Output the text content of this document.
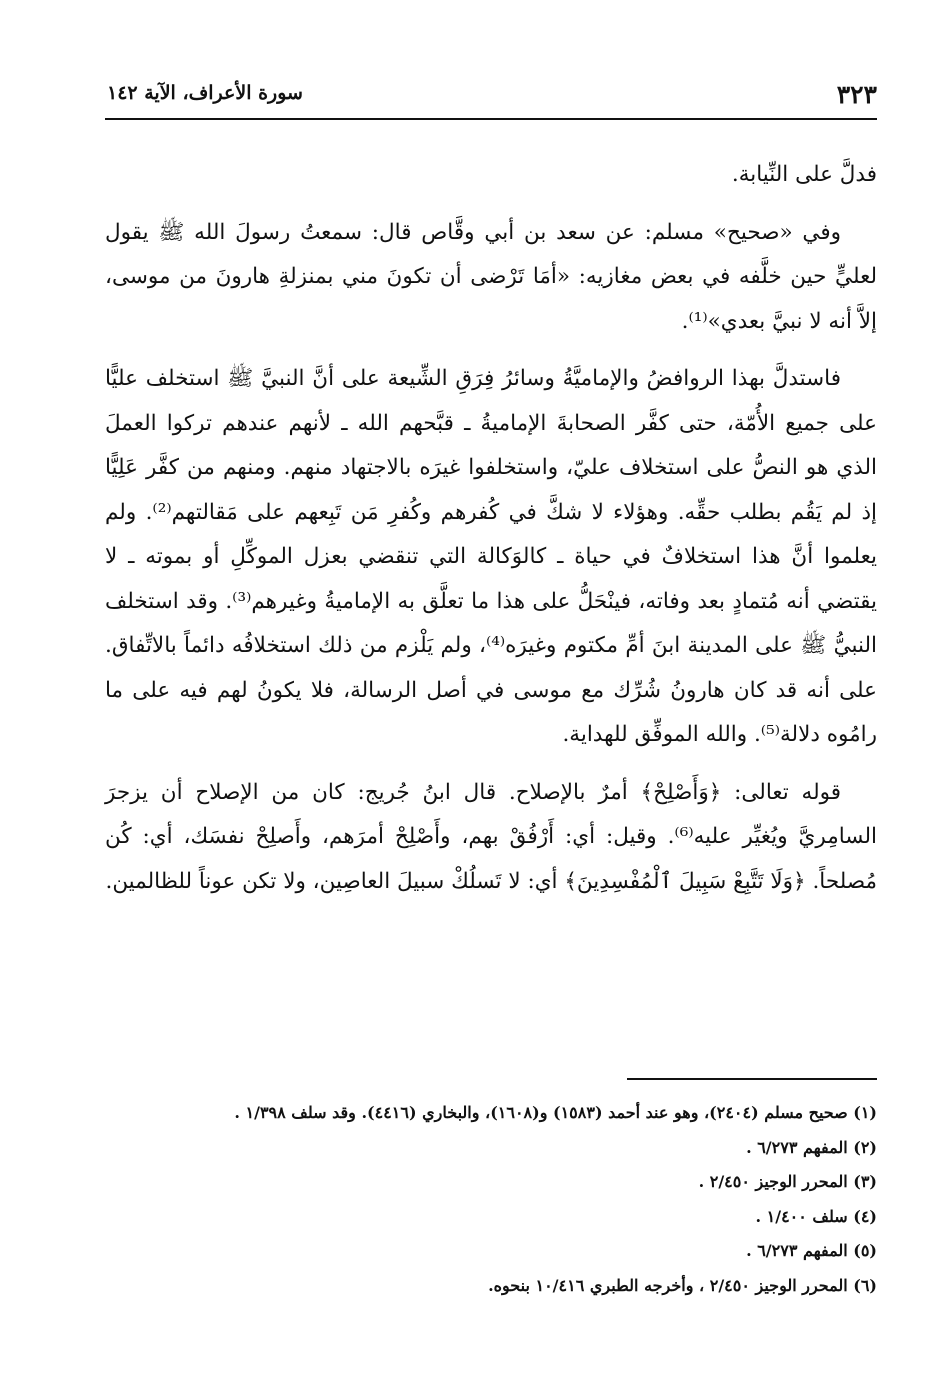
٣٢٣
سورة الأعراف، الآية ١٤٢

فدلَّ على النِّيابة.

وفي «صحيح» مسلم: عن سعد بن أبي وقَّاص قال: سمعتُ رسولَ الله ﷺ يقول لعليٍّ حين خلَّفه في بعض مغازيه: «أمَا تَرْضى أن تكونَ مني بمنزلةِ هارونَ من موسى، إلاَّ أنه لا نبيَّ بعدي»⁽¹⁾.

فاستدلَّ بهذا الروافضُ والإماميَّةُ وسائرُ فِرَقِ الشِّيعة على أنَّ النبيَّ ﷺ استخلف عليًّا على جميع الأُمّة، حتى كفَّر الصحابةَ الإماميةُ ـ قبَّحهم الله ـ لأنهم عندهم تركوا العملَ الذي هو النصُّ على استخلاف عليّ، واستخلفوا غيرَه بالاجتهاد منهم. ومنهم من كفَّر عَلِيًّا إذ لم يَقُم بطلب حقِّه. وهؤلاء لا شكَّ في كُفرهم وكُفرِ مَن تَبِعهم على مَقالتهم⁽²⁾. ولم يعلموا أنَّ هذا استخلافٌ في حياة ـ كالوَكالة التي تنقضي بعزل الموكِّلِ أو بموته ـ لا يقتضي أنه مُتمادٍ بعد وفاته، فينْحَلُّ على هذا ما تعلَّق به الإماميةُ وغيرهم⁽³⁾. وقد استخلف النبيُّ ﷺ على المدينة ابنَ أمِّ مكتوم وغيرَه⁽⁴⁾، ولم يَلْزم من ذلك استخلافُه دائماً بالاتِّفاق. على أنه قد كان هارونُ شُرِّك مع موسى في أصل الرسالة، فلا يكونُ لهم فيه على ما رامُوه دلالة⁽⁵⁾. والله الموفِّق للهداية.

قوله تعالى: ﴿وَأَصْلِحْ﴾ أمرٌ بالإصلاح. قال ابنُ جُريج: كان من الإصلاح أن يزجرَ السامِريَّ ويُغيِّر عليه⁽⁶⁾. وقيل: أي: أَرْفُقْ بهم، وأَصْلِحْ أمرَهم، وأَصلِحْ نفسَك، أي: كُن مُصلحاً. ﴿وَلَا تَتَّبِعْ سَبِيلَ ٱلْمُفْسِدِينَ﴾ أي: لا تَسلُكْ سبيلَ العاصِين، ولا تكن عوناً للظالمين.

(١) صحيح مسلم (٢٤٠٤)، وهو عند أحمد (١٥٨٣) و(١٦٠٨)، والبخاري (٤٤١٦). وقد سلف ١/٣٩٨ .
(٢) المفهم ٦/٢٧٣ .
(٣) المحرر الوجيز ٢/٤٥٠ .
(٤) سلف ١/٤٠٠ .
(٥) المفهم ٦/٢٧٣ .
(٦) المحرر الوجيز ٢/٤٥٠ ، وأخرجه الطبري ١٠/٤١٦ بنحوه.
